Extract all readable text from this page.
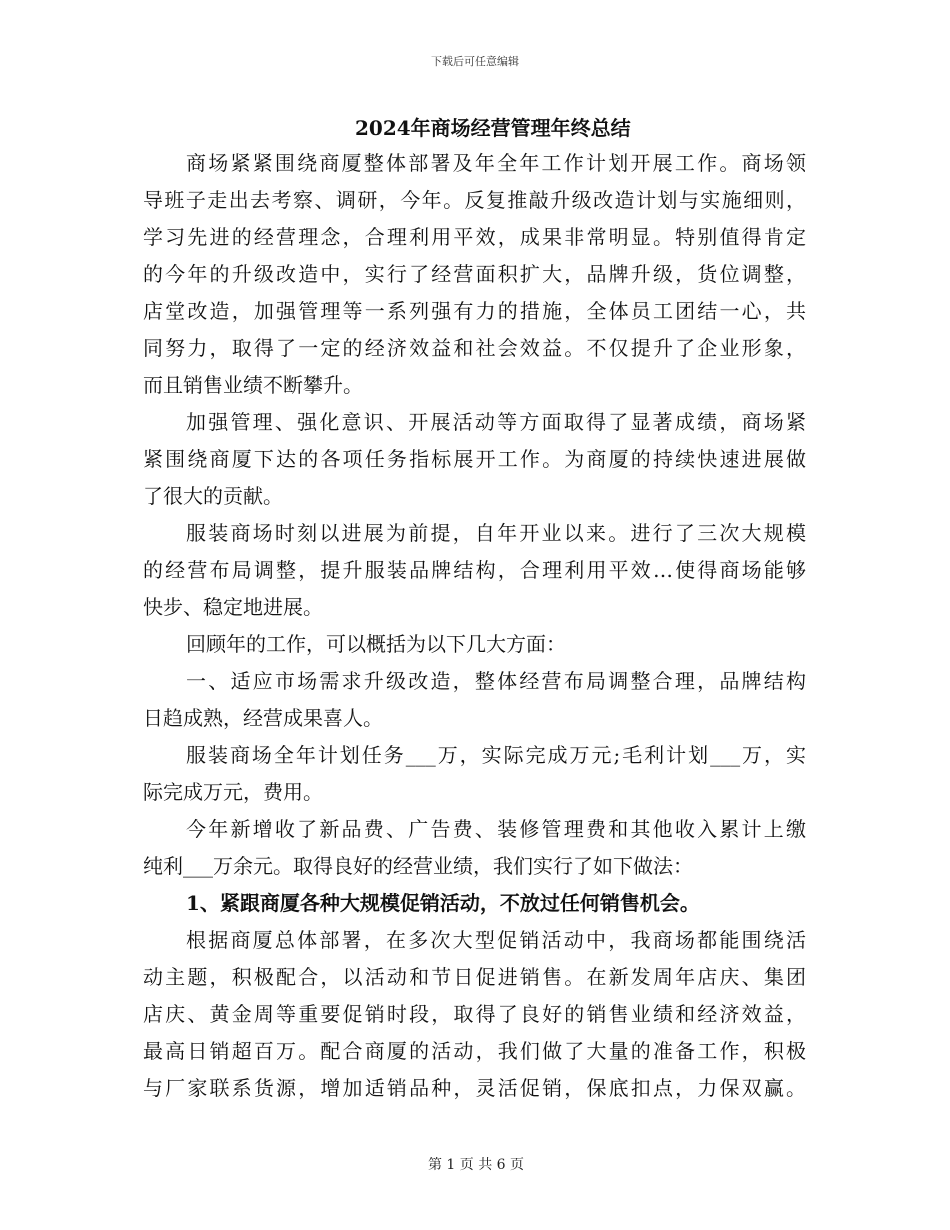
下载后可任意编辑
2024年商场经营管理年终总结
商场紧紧围绕商厦整体部署及年全年工作计划开展工作。商场领
导班子走出去考察、调研，今年。反复推敲升级改造计划与实施细则，
学习先进的经营理念，合理利用平效，成果非常明显。特别值得肯定
的今年的升级改造中，实行了经营面积扩大，品牌升级，货位调整，
店堂改造，加强管理等一系列强有力的措施，全体员工团结一心，共
同努力，取得了一定的经济效益和社会效益。不仅提升了企业形象，
而且销售业绩不断攀升。
加强管理、强化意识、开展活动等方面取得了显著成绩，商场紧
紧围绕商厦下达的各项任务指标展开工作。为商厦的持续快速进展做
了很大的贡献。
服装商场时刻以进展为前提，自年开业以来。进行了三次大规模
的经营布局调整，提升服装品牌结构，合理利用平效…使得商场能够
快步、稳定地进展。
回顾年的工作，可以概括为以下几大方面：
一、适应市场需求升级改造，整体经营布局调整合理，品牌结构
日趋成熟，经营成果喜人。
服装商场全年计划任务___万，实际完成万元;毛利计划___万，实
际完成万元，费用。
今年新增收了新品费、广告费、装修管理费和其他收入累计上缴
纯利___万余元。取得良好的经营业绩，我们实行了如下做法：
1、紧跟商厦各种大规模促销活动，不放过任何销售机会。
根据商厦总体部署，在多次大型促销活动中，我商场都能围绕活
动主题，积极配合，以活动和节日促进销售。在新发周年店庆、集团
店庆、黄金周等重要促销时段，取得了良好的销售业绩和经济效益，
最高日销超百万。配合商厦的活动，我们做了大量的准备工作，积极
与厂家联系货源，增加适销品种，灵活促销，保底扣点，力保双赢。
第 1 页 共 6 页
